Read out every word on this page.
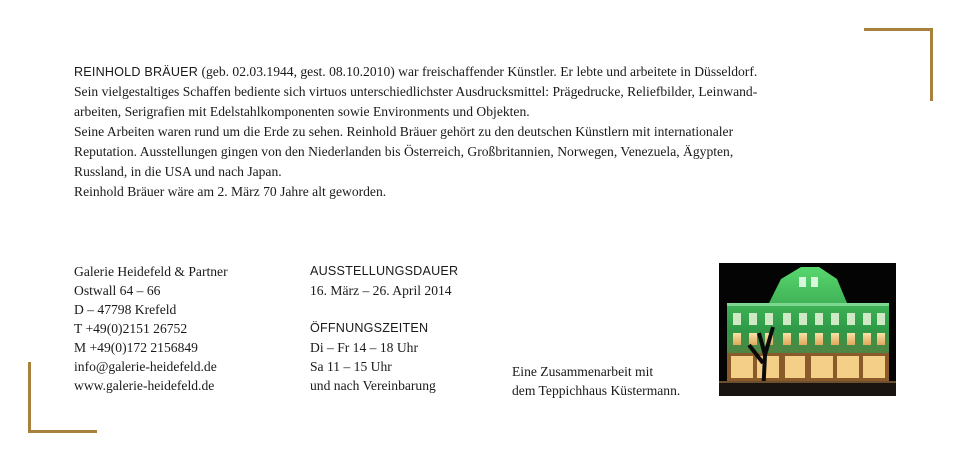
REINHOLD BRÄUER (geb. 02.03.1944, gest. 08.10.2010) war freischaffender Künstler. Er lebte und arbeitete in Düsseldorf.
Sein vielgestaltiges Schaffen bediente sich virtuos unterschiedlichster Ausdrucksmittel: Prägedrucke, Reliefbilder, Leinwand-
arbeiten, Serigrafien mit Edelstahlkomponenten sowie Environments und Objekten.
Seine Arbeiten waren rund um die Erde zu sehen. Reinhold Bräuer gehört zu den deutschen Künstlern mit internationaler
Reputation. Ausstellungen gingen von den Niederlanden bis Österreich, Großbritannien, Norwegen, Venezuela, Ägypten,
Russland, in die USA und nach Japan.
Reinhold Bräuer wäre am 2. März 70 Jahre alt geworden.
Galerie Heidefeld & Partner
Ostwall 64 – 66
D – 47798 Krefeld
T +49(0)2151 26752
M +49(0)172 2156849
info@galerie-heidefeld.de
www.galerie-heidefeld.de
AUSSTELLUNGSDAUER
16. März – 26. April 2014
ÖFFNUNGSZEITEN
Di – Fr 14 – 18 Uhr
Sa 11 – 15 Uhr
und nach Vereinbarung
Eine Zusammenarbeit mit
dem Teppichhaus Küstermann.
